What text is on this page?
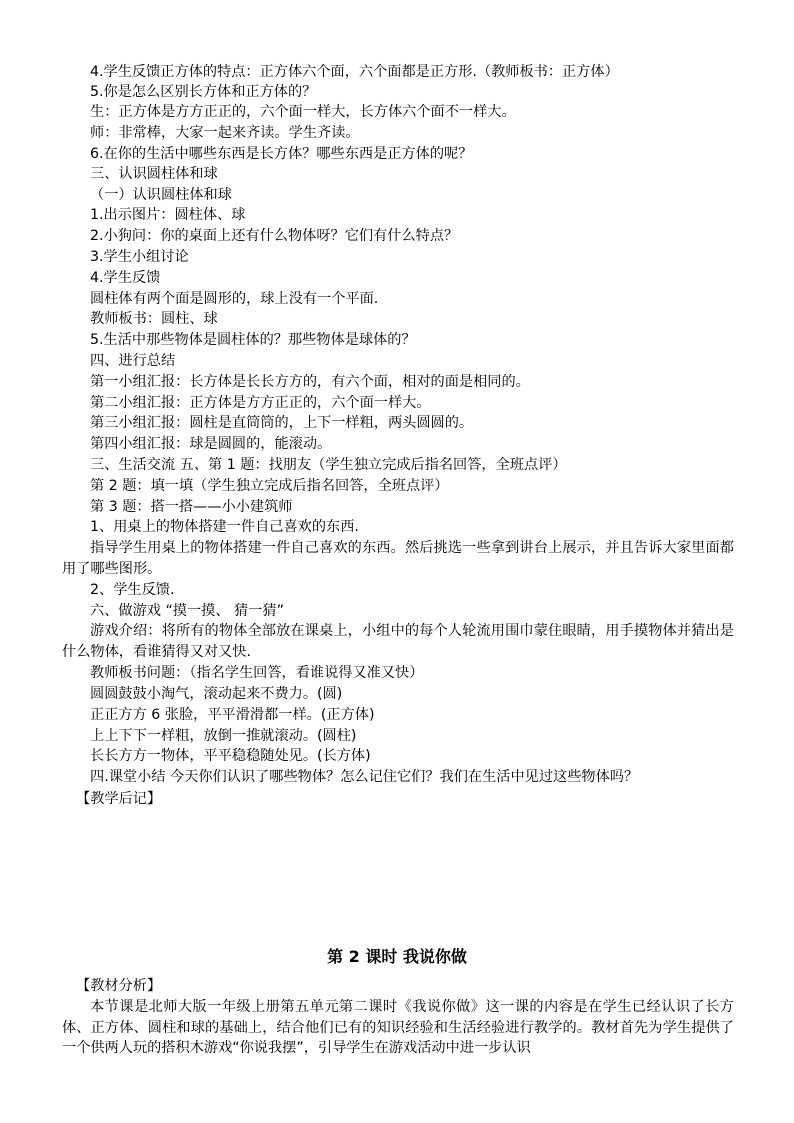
4.学生反馈正方体的特点：正方体六个面，六个面都是正方形.（教师板书：正方体）
5.你是怎么区别长方体和正方体的？
生：正方体是方方正正的，六个面一样大，长方体六个面不一样大。
师：非常棒，大家一起来齐读。学生齐读。
6.在你的生活中哪些东西是长方体？哪些东西是正方体的呢？
三、认识圆柱体和球
（一）认识圆柱体和球
1.出示图片：圆柱体、球
2.小狗问：你的桌面上还有什么物体呀？它们有什么特点？
3.学生小组讨论
4.学生反馈
圆柱体有两个面是圆形的，球上没有一个平面.
教师板书：圆柱、球
5.生活中那些物体是圆柱体的？那些物体是球体的？
四、进行总结
第一小组汇报：长方体是长长方方的，有六个面，相对的面是相同的。
第二小组汇报：正方体是方方正正的，六个面一样大。
第三小组汇报：圆柱是直筒筒的，上下一样粗，两头圆圆的。
第四小组汇报：球是圆圆的，能滚动。
三、生活交流 五、第 1 题：找朋友（学生独立完成后指名回答，全班点评）
第 2 题：填一填（学生独立完成后指名回答，全班点评）
第 3 题：搭一搭——小小建筑师
1、用桌上的物体搭建一件自己喜欢的东西.
指导学生用桌上的物体搭建一件自己喜欢的东西。然后挑选一些拿到讲台上展示，并且告诉大家里面都用了哪些图形。
2、学生反馈.
六、做游戏 “摸一摸、 猜一猜”
游戏介绍：将所有的物体全部放在课桌上，小组中的每个人轮流用围巾蒙住眼睛，用手摸物体并猜出是什么物体，看谁猜得又对又快.
教师板书问题：（指名学生回答，看谁说得又准又快）
圆圆鼓鼓小淘气，滚动起来不费力。(圆)
正正方方 6 张脸，平平滑滑都一样。(正方体)
上上下下一样粗，放倒一推就滚动。(圆柱)
长长方方一物体，平平稳稳随处见。(长方体)
四.课堂小结 今天你们认识了哪些物体？怎么记住它们？我们在生活中见过这些物体吗？
【教学后记】
第 2 课时 我说你做
【教材分析】
本节课是北师大版一年级上册第五单元第二课时《我说你做》这一课的内容是在学生已经认识了长方体、正方体、圆柱和球的基础上，结合他们已有的知识经验和生活经验进行教学的。教材首先为学生提供了一个供两人玩的搭积木游戏“你说我摆”，引导学生在游戏活动中进一步认识
